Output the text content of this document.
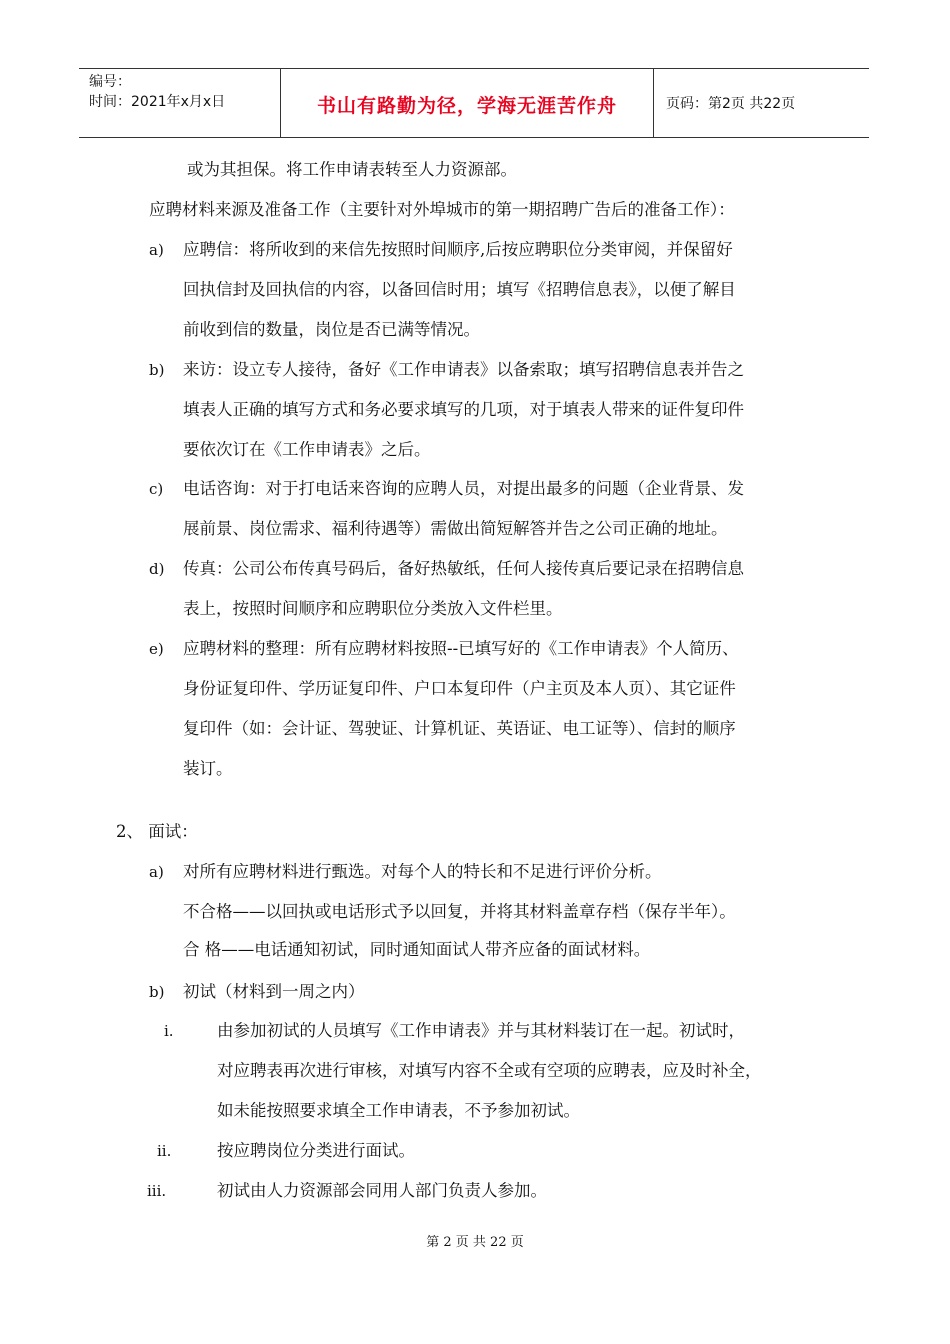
编号：
时间：2021年x月x日	书山有路勤为径，学海无涯苦作舟	页码：第2页 共22页
或为其担保。将工作申请表转至人力资源部。
应聘材料来源及准备工作（主要针对外埠城市的第一期招聘广告后的准备工作）：
a) 应聘信：将所收到的来信先按照时间顺序,后按应聘职位分类审阅，并保留好
回执信封及回执信的内容，以备回信时用；填写《招聘信息表》，以便了解目
前收到信的数量，岗位是否已满等情况。
b) 来访：设立专人接待，备好《工作申请表》以备索取；填写招聘信息表并告之
填表人正确的填写方式和务必要求填写的几项，对于填表人带来的证件复印件
要依次订在《工作申请表》之后。
c) 电话咨询：对于打电话来咨询的应聘人员，对提出最多的问题（企业背景、发
展前景、岗位需求、福利待遇等）需做出简短解答并告之公司正确的地址。
d) 传真：公司公布传真号码后，备好热敏纸，任何人接传真后要记录在招聘信息
表上，按照时间顺序和应聘职位分类放入文件栏里。
e) 应聘材料的整理：所有应聘材料按照--已填写好的《工作申请表》个人简历、
身份证复印件、学历证复印件、户口本复印件（户主页及本人页）、其它证件
复印件（如：会计证、驾驶证、计算机证、英语证、电工证等）、信封的顺序
装订。
2、 面试：
a) 对所有应聘材料进行甄选。对每个人的特长和不足进行评价分析。
不合格——以回执或电话形式予以回复，并将其材料盖章存档（保存半年）。
合 格——电话通知初试，同时通知面试人带齐应备的面试材料。
b) 初试（材料到一周之内）
i.	由参加初试的人员填写《工作申请表》并与其材料装订在一起。初试时，
对应聘表再次进行审核，对填写内容不全或有空项的应聘表，应及时补全，
如未能按照要求填全工作申请表，不予参加初试。
ii.	按应聘岗位分类进行面试。
iii.	初试由人力资源部会同用人部门负责人参加。
第 2 页 共 22 页
